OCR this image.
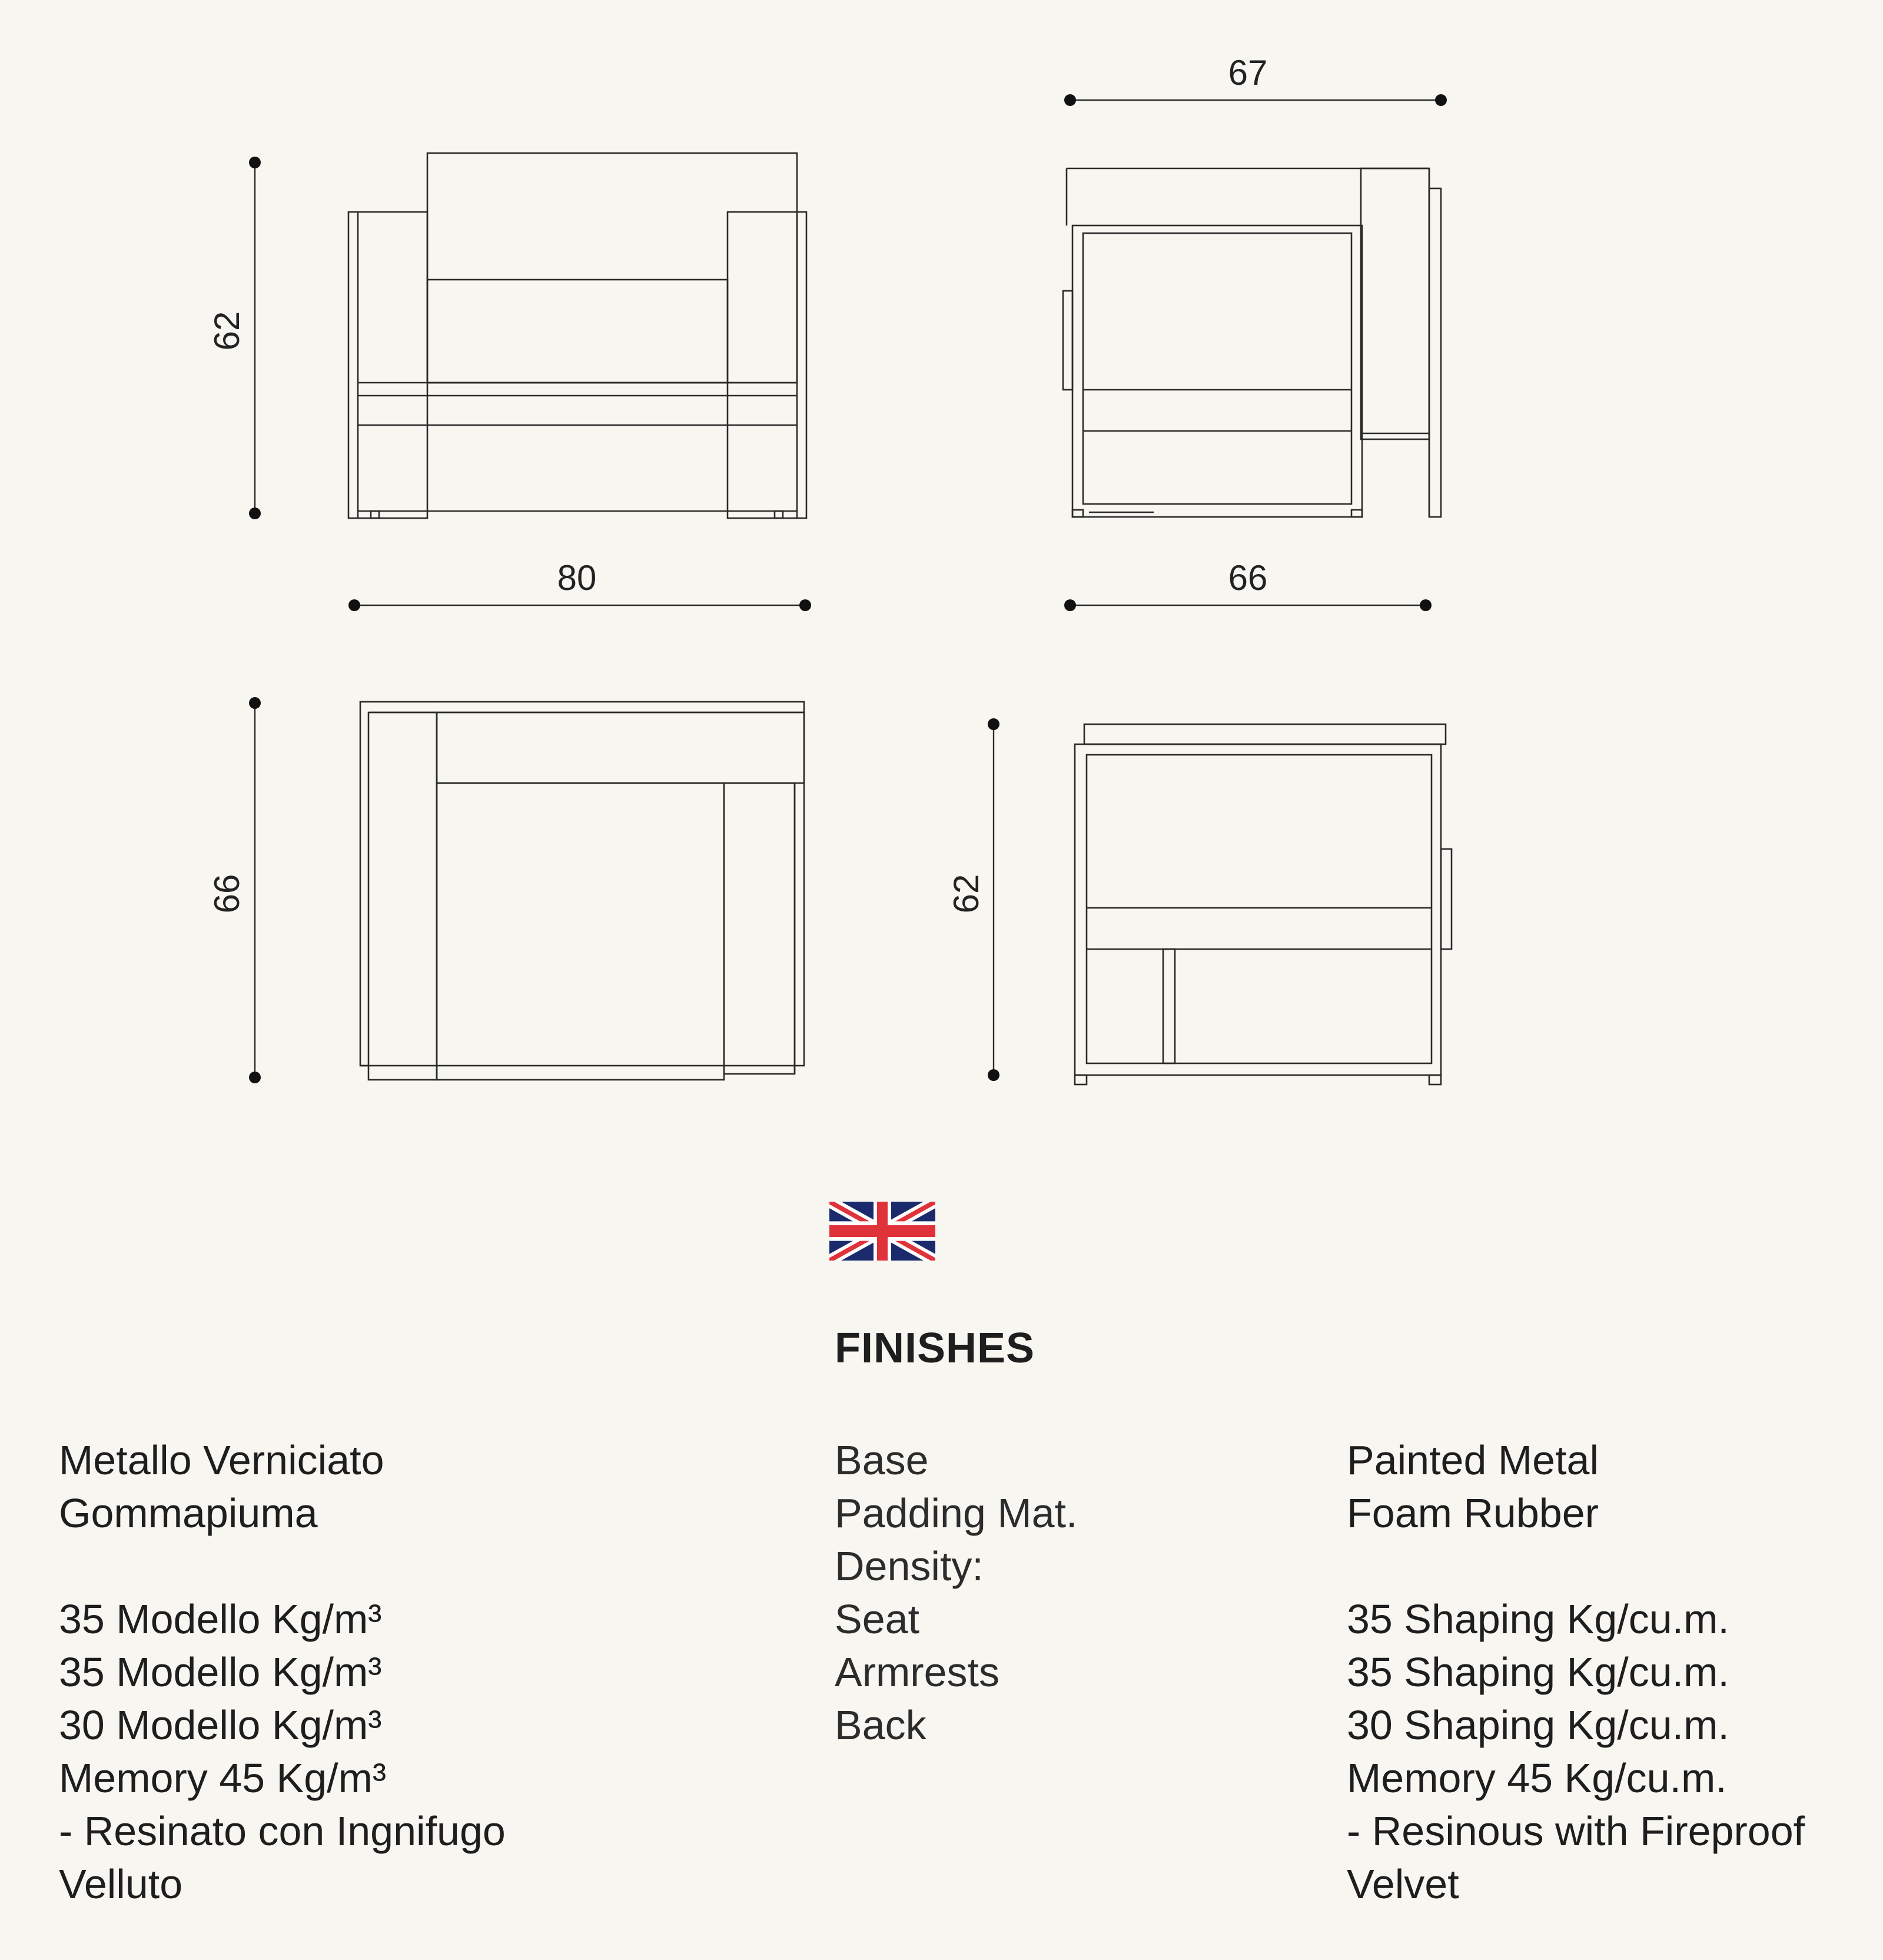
62
80
67
66
66	62
FINISHES
Metallo Verniciato
Gommapiuma
35 Modello Kg/m³
35 Modello Kg/m³
30 Modello Kg/m³
Memory 45 Kg/m³
- Resinato con Ingnifugo
Velluto
Base
Padding Mat.
Density:
Seat
Armrests
Back
Painted Metal
Foam Rubber
35 Shaping Kg/cu.m.
35 Shaping Kg/cu.m.
30 Shaping Kg/cu.m.
Memory 45 Kg/cu.m.
- Resinous with Fireproof
Velvet
